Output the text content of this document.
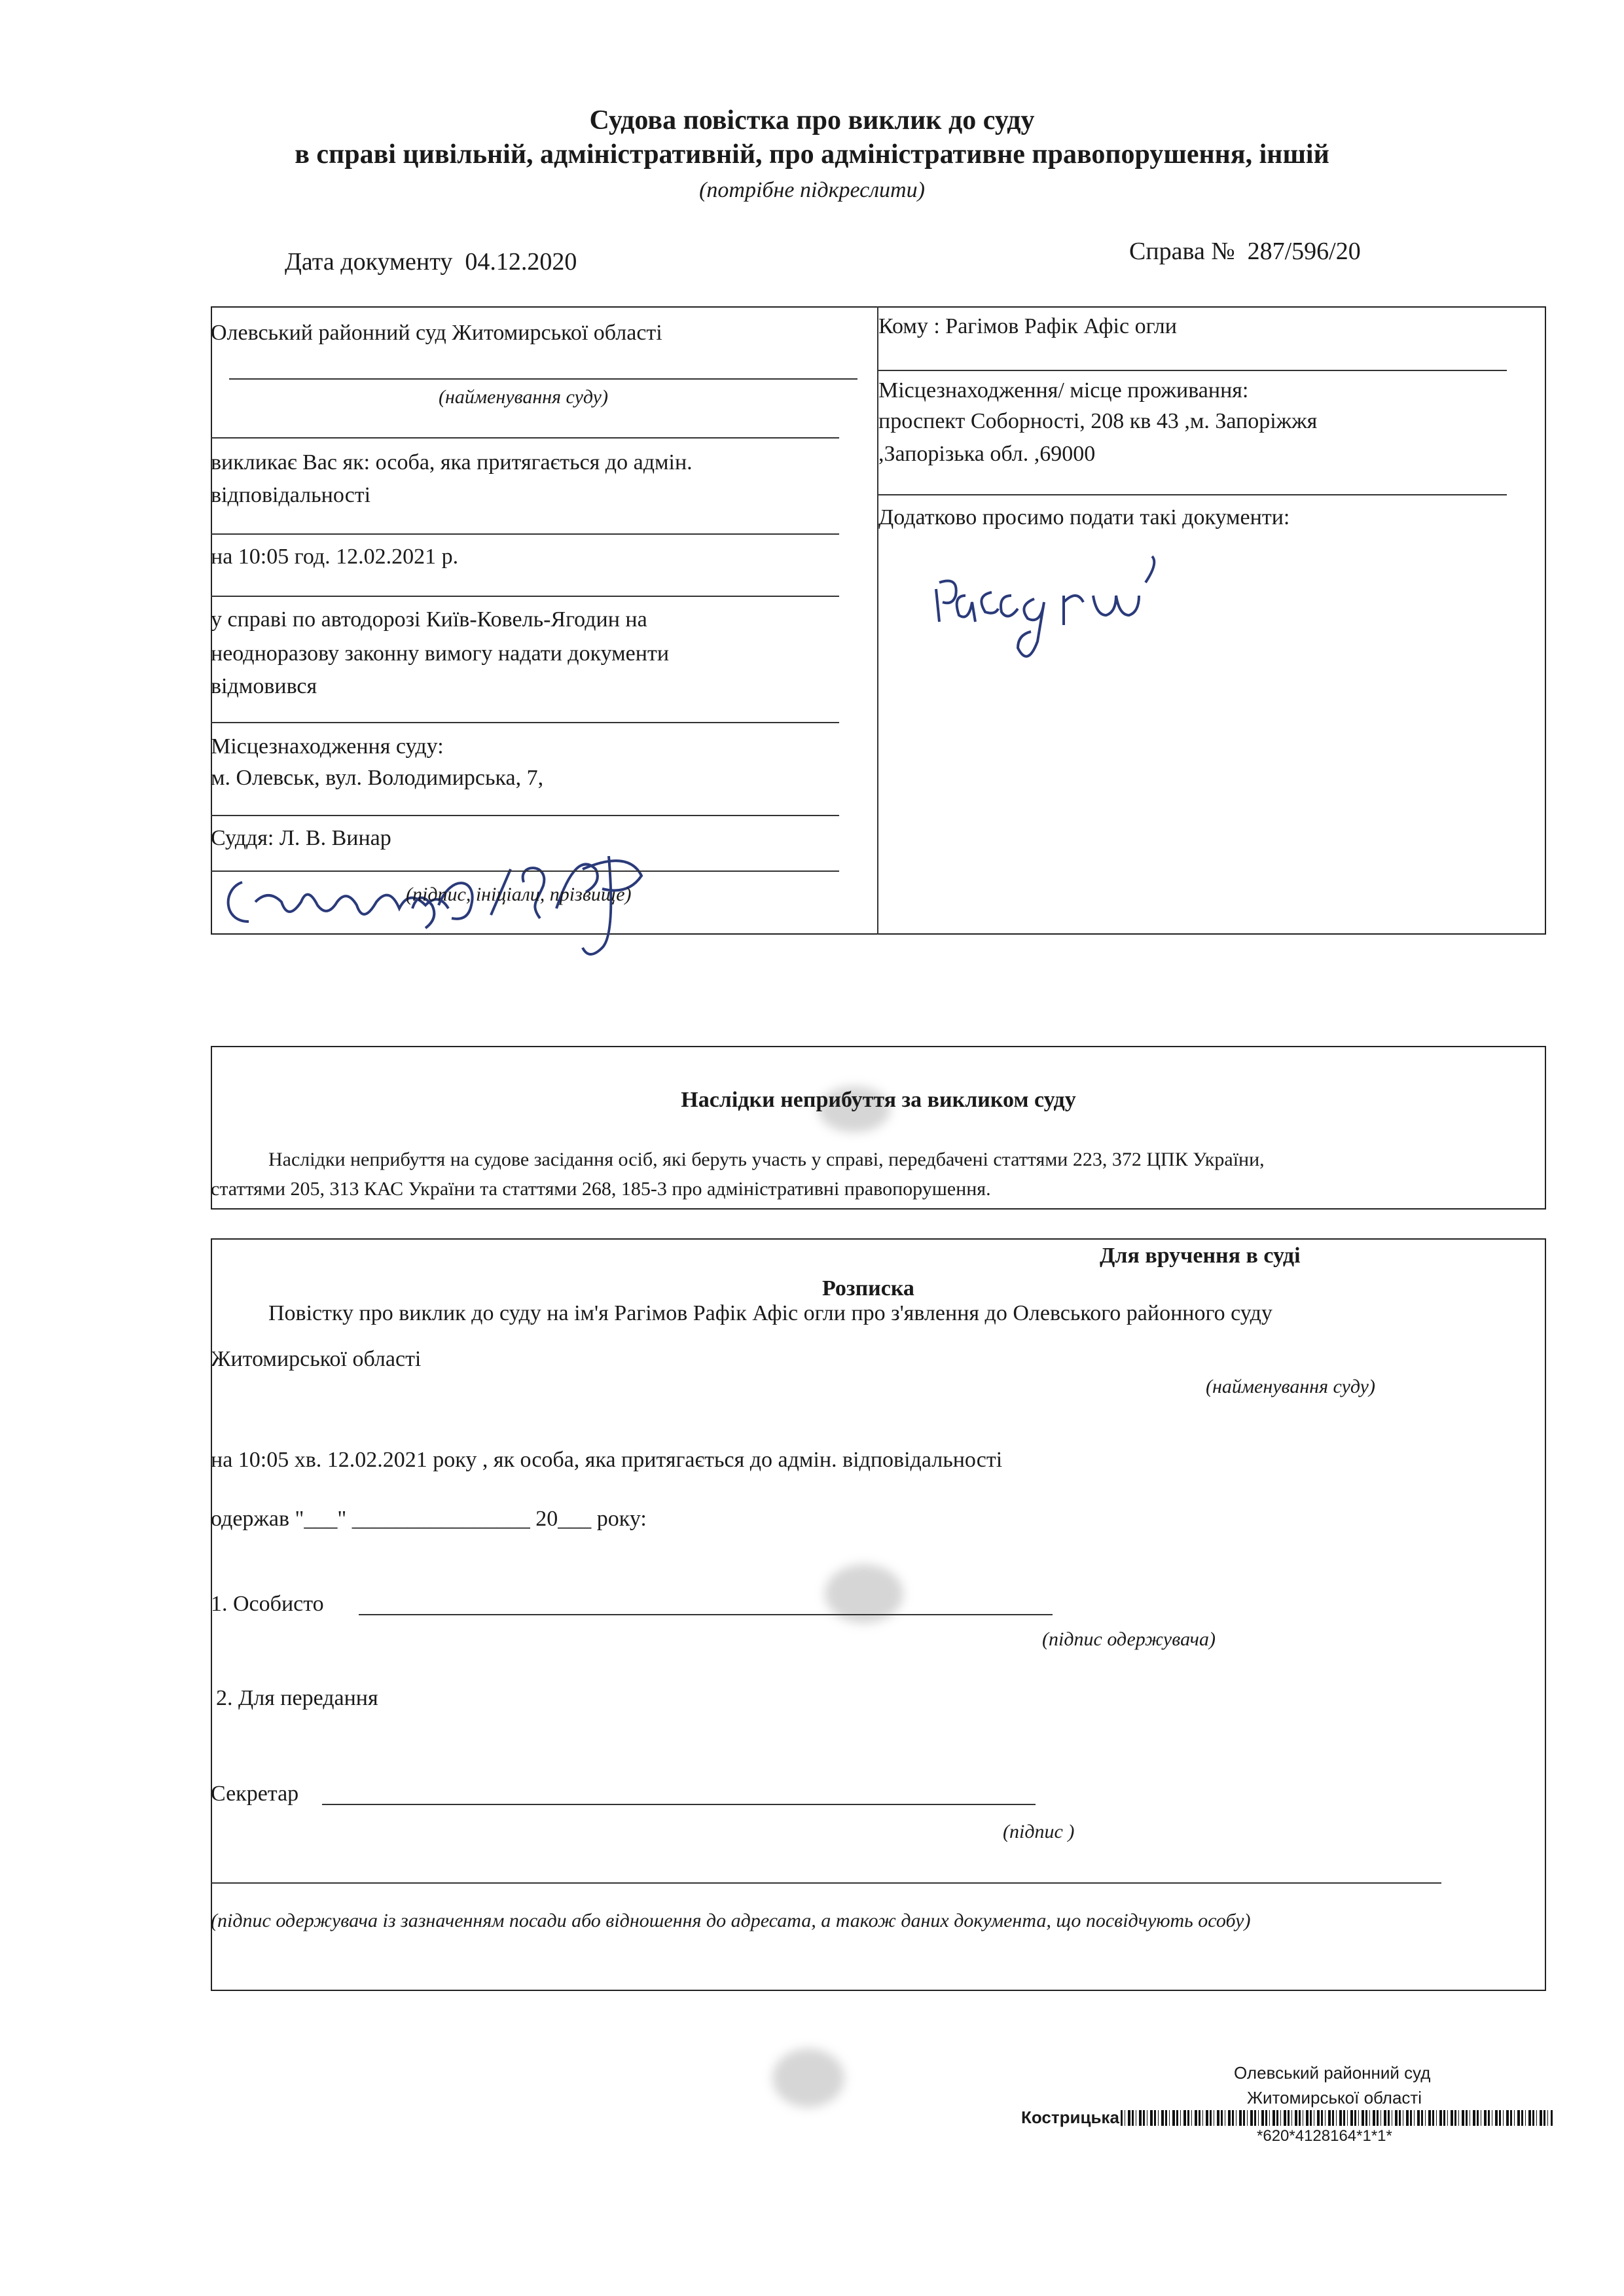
Судова повістка про виклик до суду
в справі цивільній, адміністративній, про адміністративне правопорушення, іншій
(потрібне підкреслити)
Дата документу 04.12.2020	Справа № 287/596/20
Олевський районний суд Житомирської області
(найменування суду)
викликає Вас як: особа, яка притягається до адмін.
відповідальності
на 10:05 год. 12.02.2021 р.
у справі по автодорозі Київ-Ковель-Ягодин на
неодноразову законну вимогу надати документи
відмовився
Місцезнаходження суду:
м. Олевськ, вул. Володимирська, 7,
Суддя: Л. В. Винар
(підпис, ініціали, прізвище)
Кому : Рагімов Рафік Афіс огли
Місцезнаходження/ місце проживання:
проспект Соборності, 208 кв 43 ,м. Запоріжжя
,Запорізька обл. ,69000
Додатково просимо подати такі документи:
Наслідки неприбуття за викликом суду
Наслідки неприбуття на судове засідання осіб, які беруть участь у справі, передбачені статтями 223, 372 ЦПК України,
статтями 205, 313 КАС України та статтями 268, 185-3 про адміністративні правопорушення.
Для вручення в суді
Розписка
Повістку про виклик до суду на ім'я Рагімов Рафік Афіс огли про з'явлення до Олевського районного суду
Житомирської області
(найменування суду)
на 10:05 хв. 12.02.2021 року , як особа, яка притягається до адмін. відповідальності
одержав "___" ________________ 20___ року:
1. Особисто
(підпис одержувача)
2. Для передання
Секретар
(підпис )
(підпис одержувача із зазначенням посади або відношення до адресата, а також даних документа, що посвідчують особу)
Олевський районний суд
Житомирської області
Кострицька
*620*4128164*1*1*
